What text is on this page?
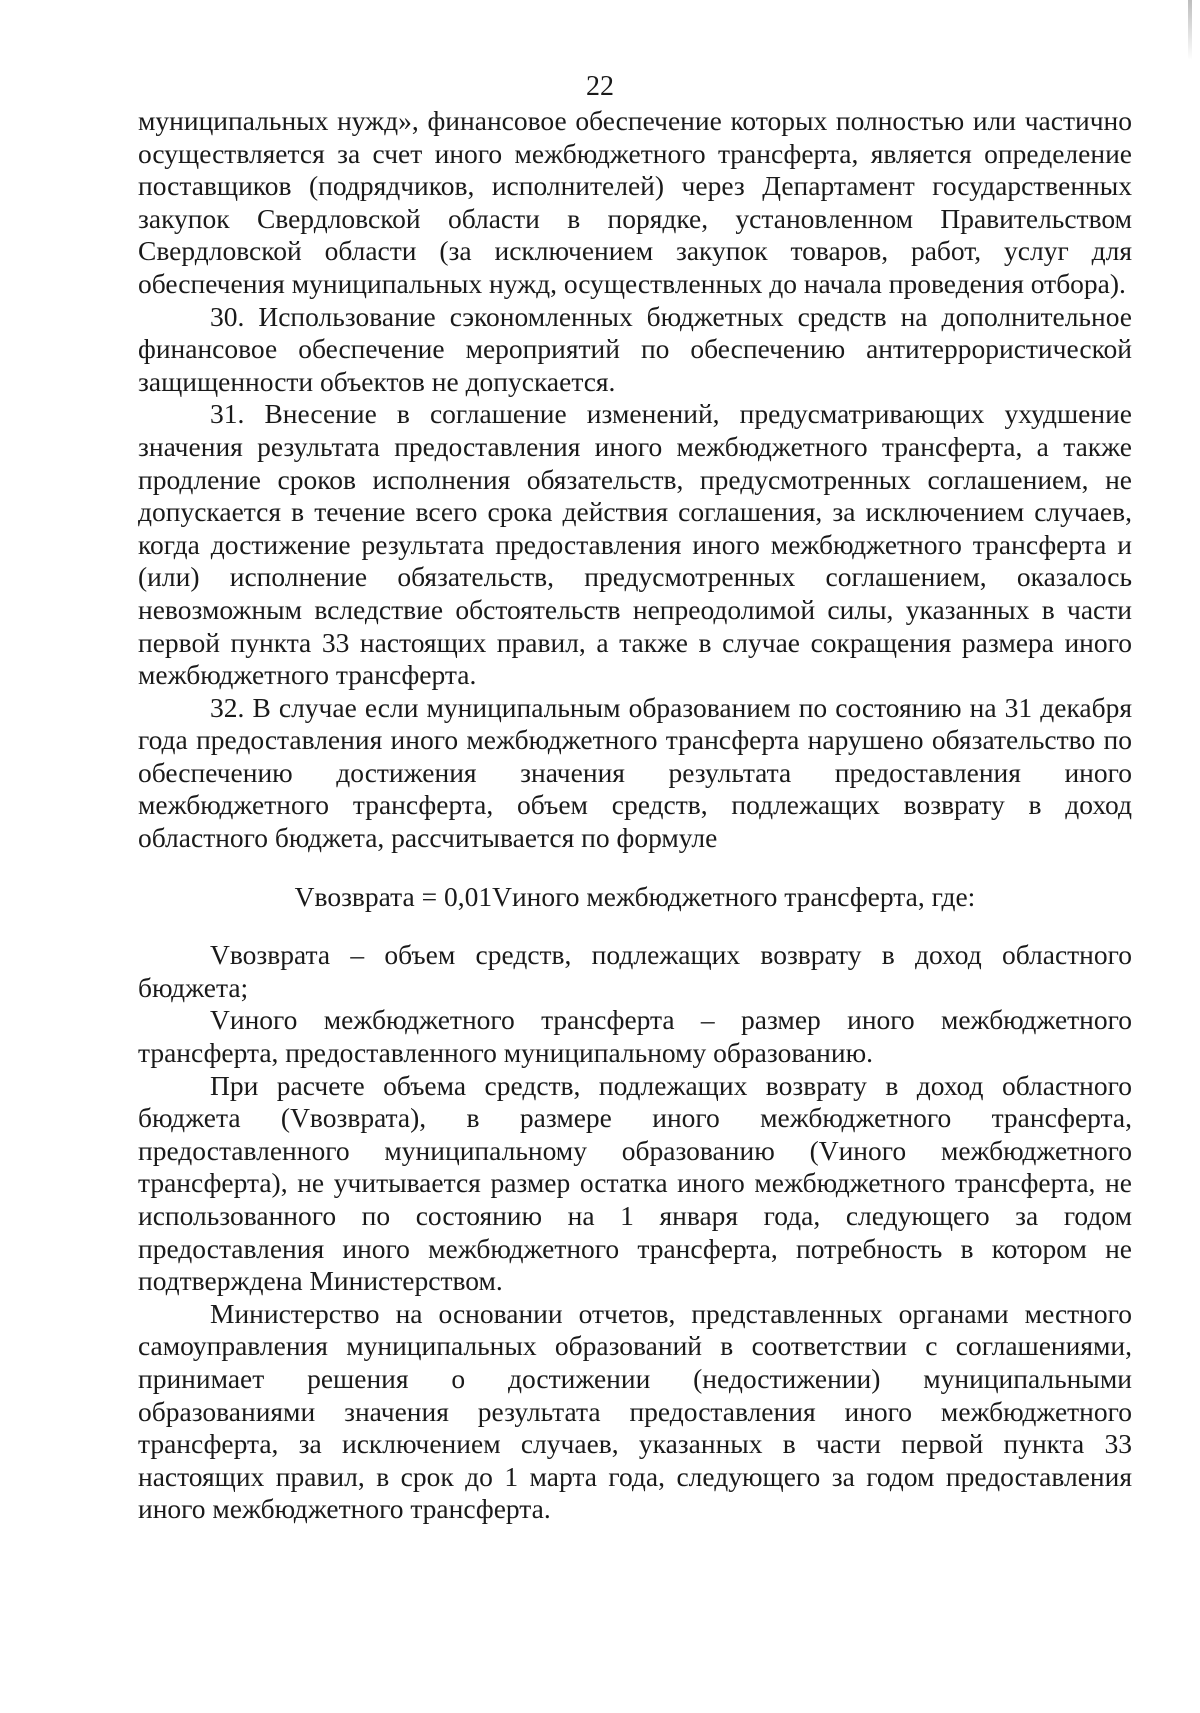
22

муниципальных нужд», финансовое обеспечение которых полностью или частично осуществляется за счет иного межбюджетного трансферта, является определение поставщиков (подрядчиков, исполнителей) через Департамент государственных закупок Свердловской области в порядке, установленном Правительством Свердловской области (за исключением закупок товаров, работ, услуг для обеспечения муниципальных нужд, осуществленных до начала проведения отбора).

30. Использование сэкономленных бюджетных средств на дополнительное финансовое обеспечение мероприятий по обеспечению антитеррористической защищенности объектов не допускается.

31. Внесение в соглашение изменений, предусматривающих ухудшение значения результата предоставления иного межбюджетного трансферта, а также продление сроков исполнения обязательств, предусмотренных соглашением, не допускается в течение всего срока действия соглашения, за исключением случаев, когда достижение результата предоставления иного межбюджетного трансферта и (или) исполнение обязательств, предусмотренных соглашением, оказалось невозможным вследствие обстоятельств непреодолимой силы, указанных в части первой пункта 33 настоящих правил, а также в случае сокращения размера иного межбюджетного трансферта.

32. В случае если муниципальным образованием по состоянию на 31 декабря года предоставления иного межбюджетного трансферта нарушено обязательство по обеспечению достижения значения результата предоставления иного межбюджетного трансферта, объем средств, подлежащих возврату в доход областного бюджета, рассчитывается по формуле

Vвозврата = 0,01Vиного межбюджетного трансферта, где:

Vвозврата – объем средств, подлежащих возврату в доход областного бюджета;

Vиного межбюджетного трансферта – размер иного межбюджетного трансферта, предоставленного муниципальному образованию.

При расчете объема средств, подлежащих возврату в доход областного бюджета (Vвозврата), в размере иного межбюджетного трансферта, предоставленного муниципальному образованию (Vиного межбюджетного трансферта), не учитывается размер остатка иного межбюджетного трансферта, не использованного по состоянию на 1 января года, следующего за годом предоставления иного межбюджетного трансферта, потребность в котором не подтверждена Министерством.

Министерство на основании отчетов, представленных органами местного самоуправления муниципальных образований в соответствии с соглашениями, принимает решения о достижении (недостижении) муниципальными образованиями значения результата предоставления иного межбюджетного трансферта, за исключением случаев, указанных в части первой пункта 33 настоящих правил, в срок до 1 марта года, следующего за годом предоставления иного межбюджетного трансферта.
